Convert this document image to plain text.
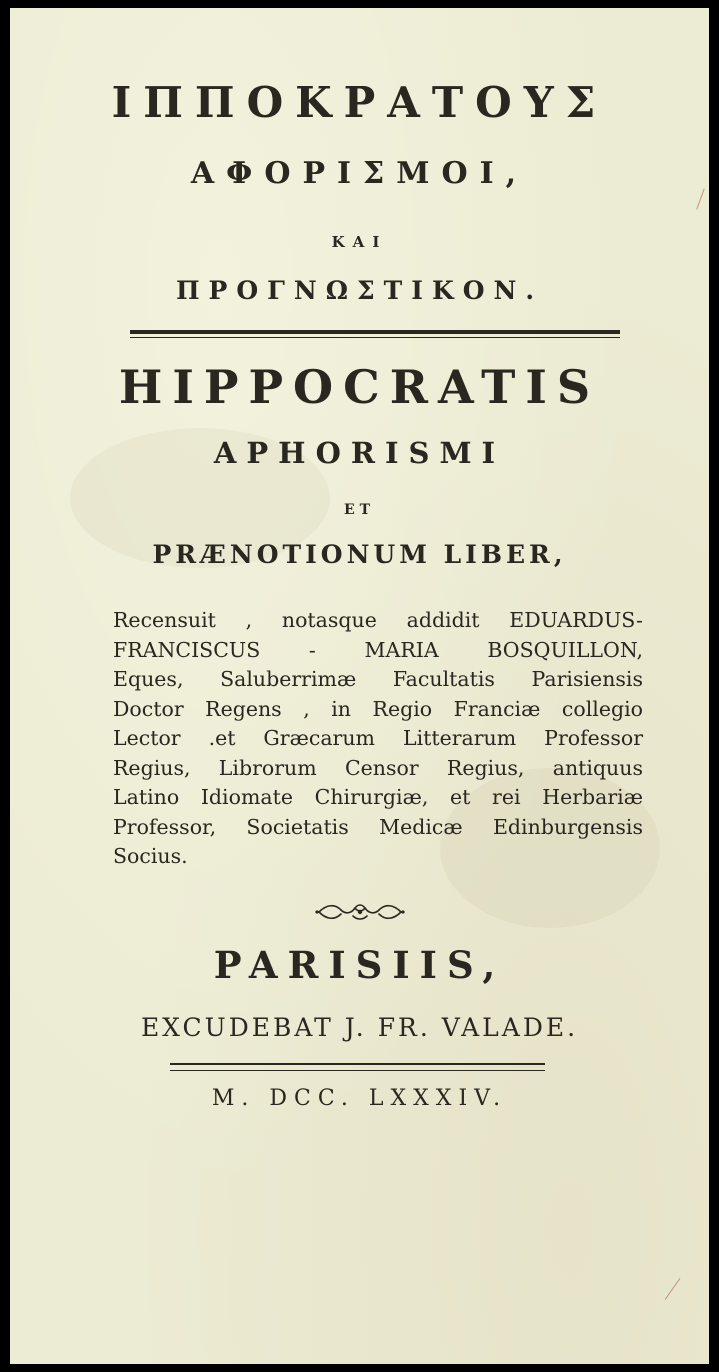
ΙΠΠΟΚΡΑΤΟΥΣ
ΑΦΟΡΙΣΜΟΙ,
ΚΑΙ
ΠΡΟΓΝΩΣΤΙΚΟΝ.
HIPPOCRATIS
APHORISMI
ET
PRÆNOTIONUM LIBER,
Recensuit , notasque addidit EDUARDUS-
FRANCISCUS - MARIA BOSQUILLON,
Eques, Saluberrimæ Facultatis Parisiensis
Doctor Regens , in Regio Franciæ collegio
Lector .et Græcarum Litterarum Professor
Regius, Librorum Censor Regius, antiquus
Latino Idiomate Chirurgiæ, et rei Herbariæ
Professor, Societatis Medicæ Edinburgensis
Socius.
PARISIIS,
EXCUDEBAT J. FR. VALADE.
M. DCC. LXXXIV.
